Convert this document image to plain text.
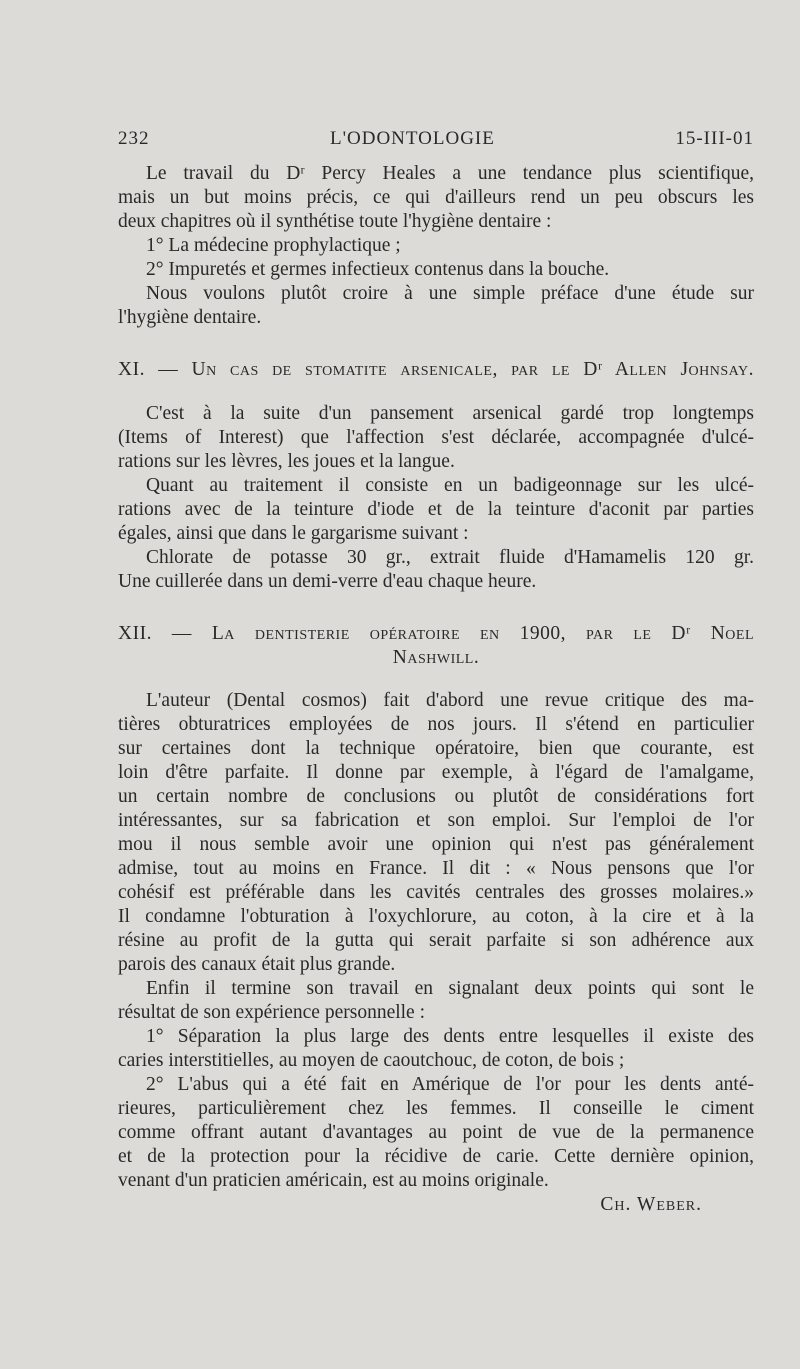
232	L'ODONTOLOGIE	15-III-01
Le travail du Dʳ Percy Heales a une tendance plus scientifique,
mais un but moins précis, ce qui d'ailleurs rend un peu obscurs les
deux chapitres où il synthétise toute l'hygiène dentaire :
1° La médecine prophylactique ;
2° Impuretés et germes infectieux contenus dans la bouche.
Nous voulons plutôt croire à une simple préface d'une étude sur
l'hygiène dentaire.
XI. — Un cas de stomatite arsenicale, par le Dʳ Allen Johnsay.
C'est à la suite d'un pansement arsenical gardé trop longtemps
(Items of Interest) que l'affection s'est déclarée, accompagnée d'ulcé-
rations sur les lèvres, les joues et la langue.
Quant au traitement il consiste en un badigeonnage sur les ulcé-
rations avec de la teinture d'iode et de la teinture d'aconit par parties
égales, ainsi que dans le gargarisme suivant :
Chlorate de potasse 30 gr., extrait fluide d'Hamamelis 120 gr.
Une cuillerée dans un demi-verre d'eau chaque heure.
XII. — La dentisterie opératoire en 1900, par le Dʳ Noel
Nashwill.
L'auteur (Dental cosmos) fait d'abord une revue critique des ma-
tières obturatrices employées de nos jours. Il s'étend en particulier
sur certaines dont la technique opératoire, bien que courante, est
loin d'être parfaite. Il donne par exemple, à l'égard de l'amalgame,
un certain nombre de conclusions ou plutôt de considérations fort
intéressantes, sur sa fabrication et son emploi. Sur l'emploi de l'or
mou il nous semble avoir une opinion qui n'est pas généralement
admise, tout au moins en France. Il dit : « Nous pensons que l'or
cohésif est préférable dans les cavités centrales des grosses molaires.»
Il condamne l'obturation à l'oxychlorure, au coton, à la cire et à la
résine au profit de la gutta qui serait parfaite si son adhérence aux
parois des canaux était plus grande.
Enfin il termine son travail en signalant deux points qui sont le
résultat de son expérience personnelle :
1° Séparation la plus large des dents entre lesquelles il existe des
caries interstitielles, au moyen de caoutchouc, de coton, de bois ;
2° L'abus qui a été fait en Amérique de l'or pour les dents anté-
rieures, particulièrement chez les femmes. Il conseille le ciment
comme offrant autant d'avantages au point de vue de la permanence
et de la protection pour la récidive de carie. Cette dernière opinion,
venant d'un praticien américain, est au moins originale.
Ch. Weber.
